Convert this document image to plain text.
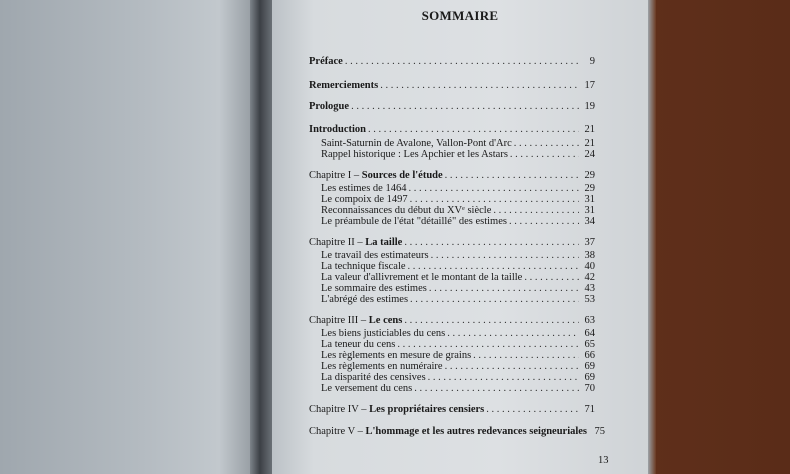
SOMMAIRE
Préface . . .	9
Remerciements . . .	17
Prologue . . .	19
Introduction . . .	21
Saint-Saturnin de Avalone, Vallon-Pont d'Arc . . .	21
Rappel historique : Les Apchier et les Astars . . .	24
Chapitre I – Sources de l'étude . . .	29
Les estimes de 1464 . . .	29
Le compoix de 1497 . . .	31
Reconnaissances du début du XVᵉ siècle . . .	31
Le préambule de l'état "détaillé" des estimes . . .	34
Chapitre II – La taille . . .	37
Le travail des estimateurs . . .	38
La technique fiscale . . .	40
La valeur d'allivrement et le montant de la taille . . .	42
Le sommaire des estimes . . .	43
L'abrégé des estimes . . .	53
Chapitre III – Le cens . . .	63
Les biens justiciables du cens . . .	64
La teneur du cens . . .	65
Les règlements en mesure de grains . . .	66
Les règlements en numéraire . . .	69
La disparité des censives . . .	69
Le versement du cens . . .	70
Chapitre IV – Les propriétaires censiers . . .	71
Chapitre V – L'hommage et les autres redevances seigneuriales 75
13
